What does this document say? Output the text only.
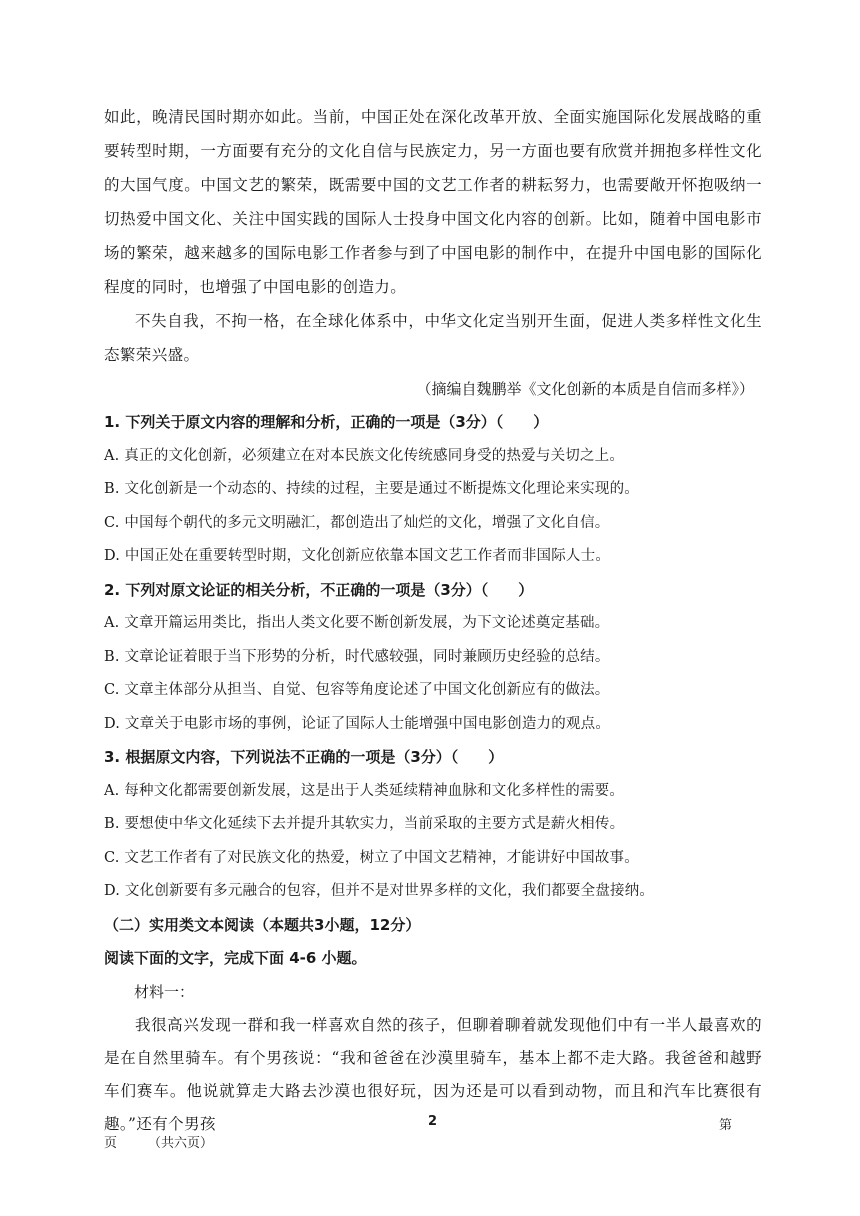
如此，晚清民国时期亦如此。当前，中国正处在深化改革开放、全面实施国际化发展战略的重要转型时期，一方面要有充分的文化自信与民族定力，另一方面也要有欣赏并拥抱多样性文化的大国气度。中国文艺的繁荣，既需要中国的文艺工作者的耕耘努力，也需要敞开怀抱吸纳一切热爱中国文化、关注中国实践的国际人士投身中国文化内容的创新。比如，随着中国电影市场的繁荣，越来越多的国际电影工作者参与到了中国电影的制作中，在提升中国电影的国际化程度的同时，也增强了中国电影的创造力。

不失自我，不拘一格，在全球化体系中，中华文化定当别开生面，促进人类多样性文化生态繁荣兴盛。

（摘编自魏鹏举《文化创新的本质是自信而多样》）

1. 下列关于原文内容的理解和分析，正确的一项是（3分）（　　）

A. 真正的文化创新，必须建立在对本民族文化传统感同身受的热爱与关切之上。

B. 文化创新是一个动态的、持续的过程，主要是通过不断提炼文化理论来实现的。

C. 中国每个朝代的多元文明融汇，都创造出了灿烂的文化，增强了文化自信。

D. 中国正处在重要转型时期，文化创新应依靠本国文艺工作者而非国际人士。

2. 下列对原文论证的相关分析，不正确的一项是（3分）（　　）

A. 文章开篇运用类比，指出人类文化要不断创新发展，为下文论述奠定基础。

B. 文章论证着眼于当下形势的分析，时代感较强，同时兼顾历史经验的总结。

C. 文章主体部分从担当、自觉、包容等角度论述了中国文化创新应有的做法。

D. 文章关于电影市场的事例，论证了国际人士能增强中国电影创造力的观点。

3. 根据原文内容，下列说法不正确的一项是（3分）（　　）

A. 每种文化都需要创新发展，这是出于人类延续精神血脉和文化多样性的需要。

B. 要想使中华文化延续下去并提升其软实力，当前采取的主要方式是薪火相传。

C. 文艺工作者有了对民族文化的热爱，树立了中国文艺精神，才能讲好中国故事。

D. 文化创新要有多元融合的包容，但并不是对世界多样的文化，我们都要全盘接纳。

（二）实用类文本阅读（本题共3小题，12分）

阅读下面的文字，完成下面 4-6 小题。

材料一：

我很高兴发现一群和我一样喜欢自然的孩子，但聊着聊着就发现他们中有一半人最喜欢的是在自然里骑车。有个男孩说：“我和爸爸在沙漠里骑车，基本上都不走大路。我爸爸和越野车们赛车。他说就算走大路去沙漠也很好玩，因为还是可以看到动物，而且和汽车比赛很有趣。”还有个男孩	2	第
页 （共六页）
